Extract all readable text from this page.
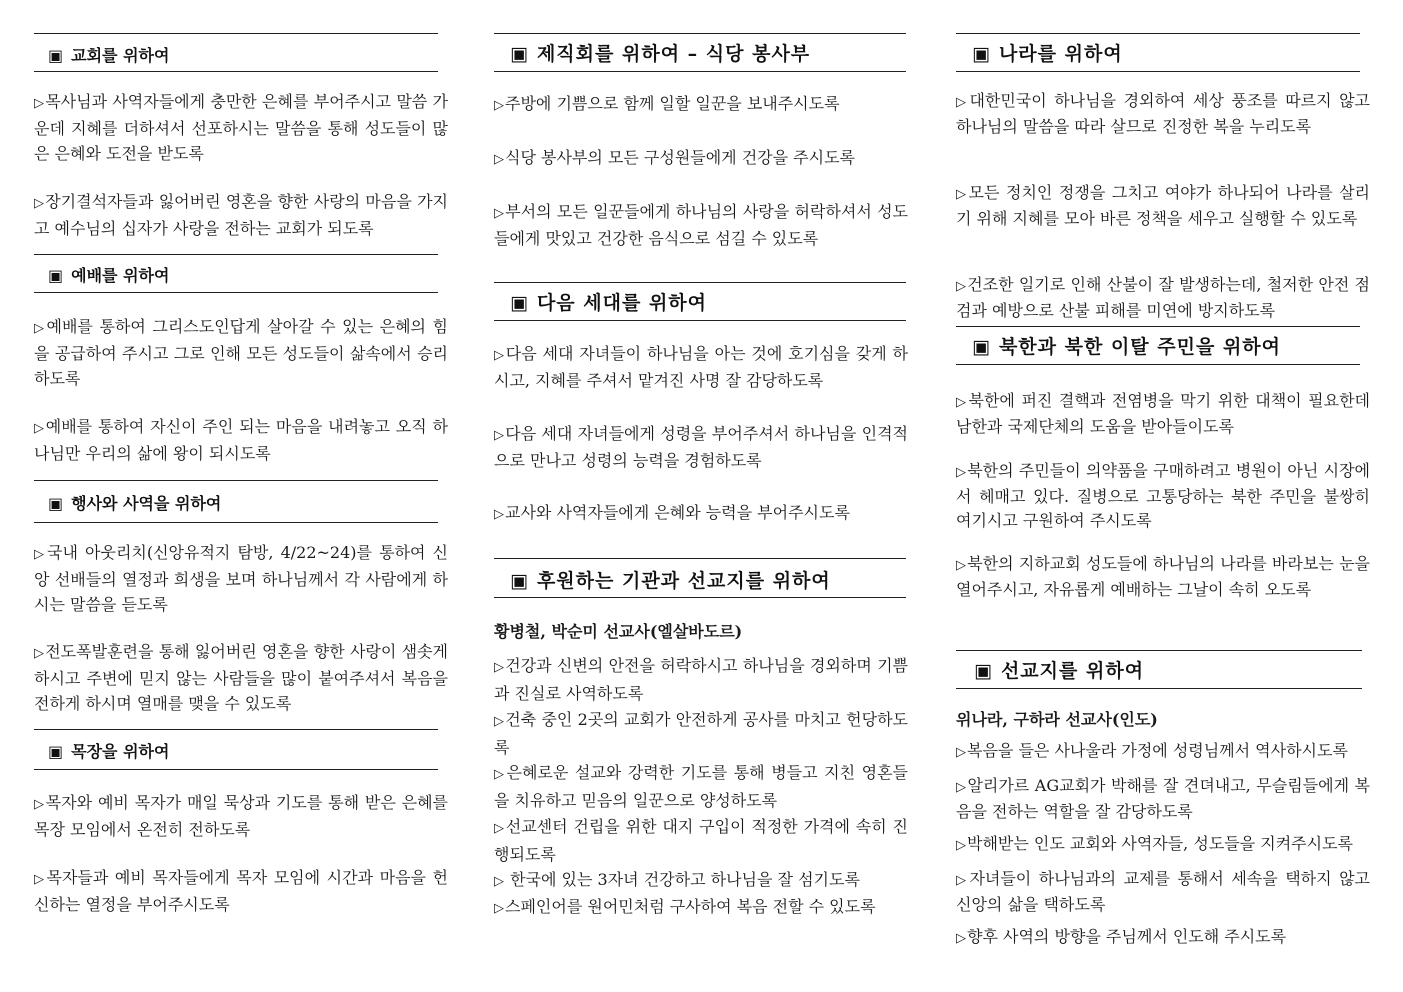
▣ 교회를 위하여
▷목사님과 사역자들에게 충만한 은혜를 부어주시고 말씀 가운데 지혜를 더하셔서 선포하시는 말씀을 통해 성도들이 많은 은혜와 도전을 받도록
▷장기결석자들과 잃어버린 영혼을 향한 사랑의 마음을 가지고 예수님의 십자가 사랑을 전하는 교회가 되도록
▣ 예배를 위하여
▷예배를 통하여 그리스도인답게 살아갈 수 있는 은혜의 힘을 공급하여 주시고 그로 인해 모든 성도들이 삶속에서 승리하도록
▷예배를 통하여 자신이 주인 되는 마음을 내려놓고 오직 하나님만 우리의 삶에 왕이 되시도록
▣ 행사와 사역을 위하여
▷국내 아웃리치(신앙유적지 탐방, 4/22~24)를 통하여 신앙 선배들의 열정과 희생을 보며 하나님께서 각 사람에게 하시는 말씀을 듣도록
▷전도폭발훈련을 통해 잃어버린 영혼을 향한 사랑이 샘솟게 하시고 주변에 믿지 않는 사람들을 많이 붙여주셔서 복음을 전하게 하시며 열매를 맺을 수 있도록
▣ 목장을 위하여
▷목자와 예비 목자가 매일 묵상과 기도를 통해 받은 은혜를 목장 모임에서 온전히 전하도록
▷목자들과 예비 목자들에게 목자 모임에 시간과 마음을 헌신하는 열정을 부어주시도록
▣ 제직회를 위하여 – 식당 봉사부
▷주방에 기쁨으로 함께 일할 일꾼을 보내주시도록
▷식당 봉사부의 모든 구성원들에게 건강을 주시도록
▷부서의 모든 일꾼들에게 하나님의 사랑을 허락하셔서 성도들에게 맛있고 건강한 음식으로 섬길 수 있도록
▣ 다음 세대를 위하여
▷다음 세대 자녀들이 하나님을 아는 것에 호기심을 갖게 하시고, 지혜를 주셔서 맡겨진 사명 잘 감당하도록
▷다음 세대 자녀들에게 성령을 부어주셔서 하나님을 인격적으로 만나고 성령의 능력을 경험하도록
▷교사와 사역자들에게 은혜와 능력을 부어주시도록
▣ 후원하는 기관과 선교지를 위하여
황병철, 박순미 선교사(엘살바도르)
▷건강과 신변의 안전을 허락하시고 하나님을 경외하며 기쁨과 진실로 사역하도록
▷건축 중인 2곳의 교회가 안전하게 공사를 마치고 헌당하도록
▷은혜로운 설교와 강력한 기도를 통해 병들고 지친 영혼들을 치유하고 믿음의 일꾼으로 양성하도록
▷선교센터 건립을 위한 대지 구입이 적정한 가격에 속히 진행되도록
▷ 한국에 있는 3자녀 건강하고 하나님을 잘 섬기도록
▷스페인어를 원어민처럼 구사하여 복음 전할 수 있도록
▣ 나라를 위하여
▷대한민국이 하나님을 경외하여 세상 풍조를 따르지 않고 하나님의 말씀을 따라 살므로 진정한 복을 누리도록
▷모든 정치인 정쟁을 그치고 여야가 하나되어 나라를 살리기 위해 지혜를 모아 바른 정책을 세우고 실행할 수 있도록
▷건조한 일기로 인해 산불이 잘 발생하는데, 철저한 안전 점검과 예방으로 산불 피해를 미연에 방지하도록
▣ 북한과 북한 이탈 주민을 위하여
▷북한에 퍼진 결핵과 전염병을 막기 위한 대책이 필요한데 남한과 국제단체의 도움을 받아들이도록
▷북한의 주민들이 의약품을 구매하려고 병원이 아닌 시장에서 헤매고 있다. 질병으로 고통당하는 북한 주민을 불쌍히 여기시고 구원하여 주시도록
▷북한의 지하교회 성도들에 하나님의 나라를 바라보는 눈을 열어주시고, 자유롭게 예배하는 그날이 속히 오도록
▣ 선교지를 위하여
위나라, 구하라 선교사(인도)
▷복음을 들은 사나울라 가정에 성령님께서 역사하시도록
▷알리가르 AG교회가 박해를 잘 견뎌내고, 무슬림들에게 복음을 전하는 역할을 잘 감당하도록
▷박해받는 인도 교회와 사역자들, 성도들을 지켜주시도록
▷자녀들이 하나님과의 교제를 통해서 세속을 택하지 않고 신앙의 삶을 택하도록
▷향후 사역의 방향을 주님께서 인도해 주시도록
